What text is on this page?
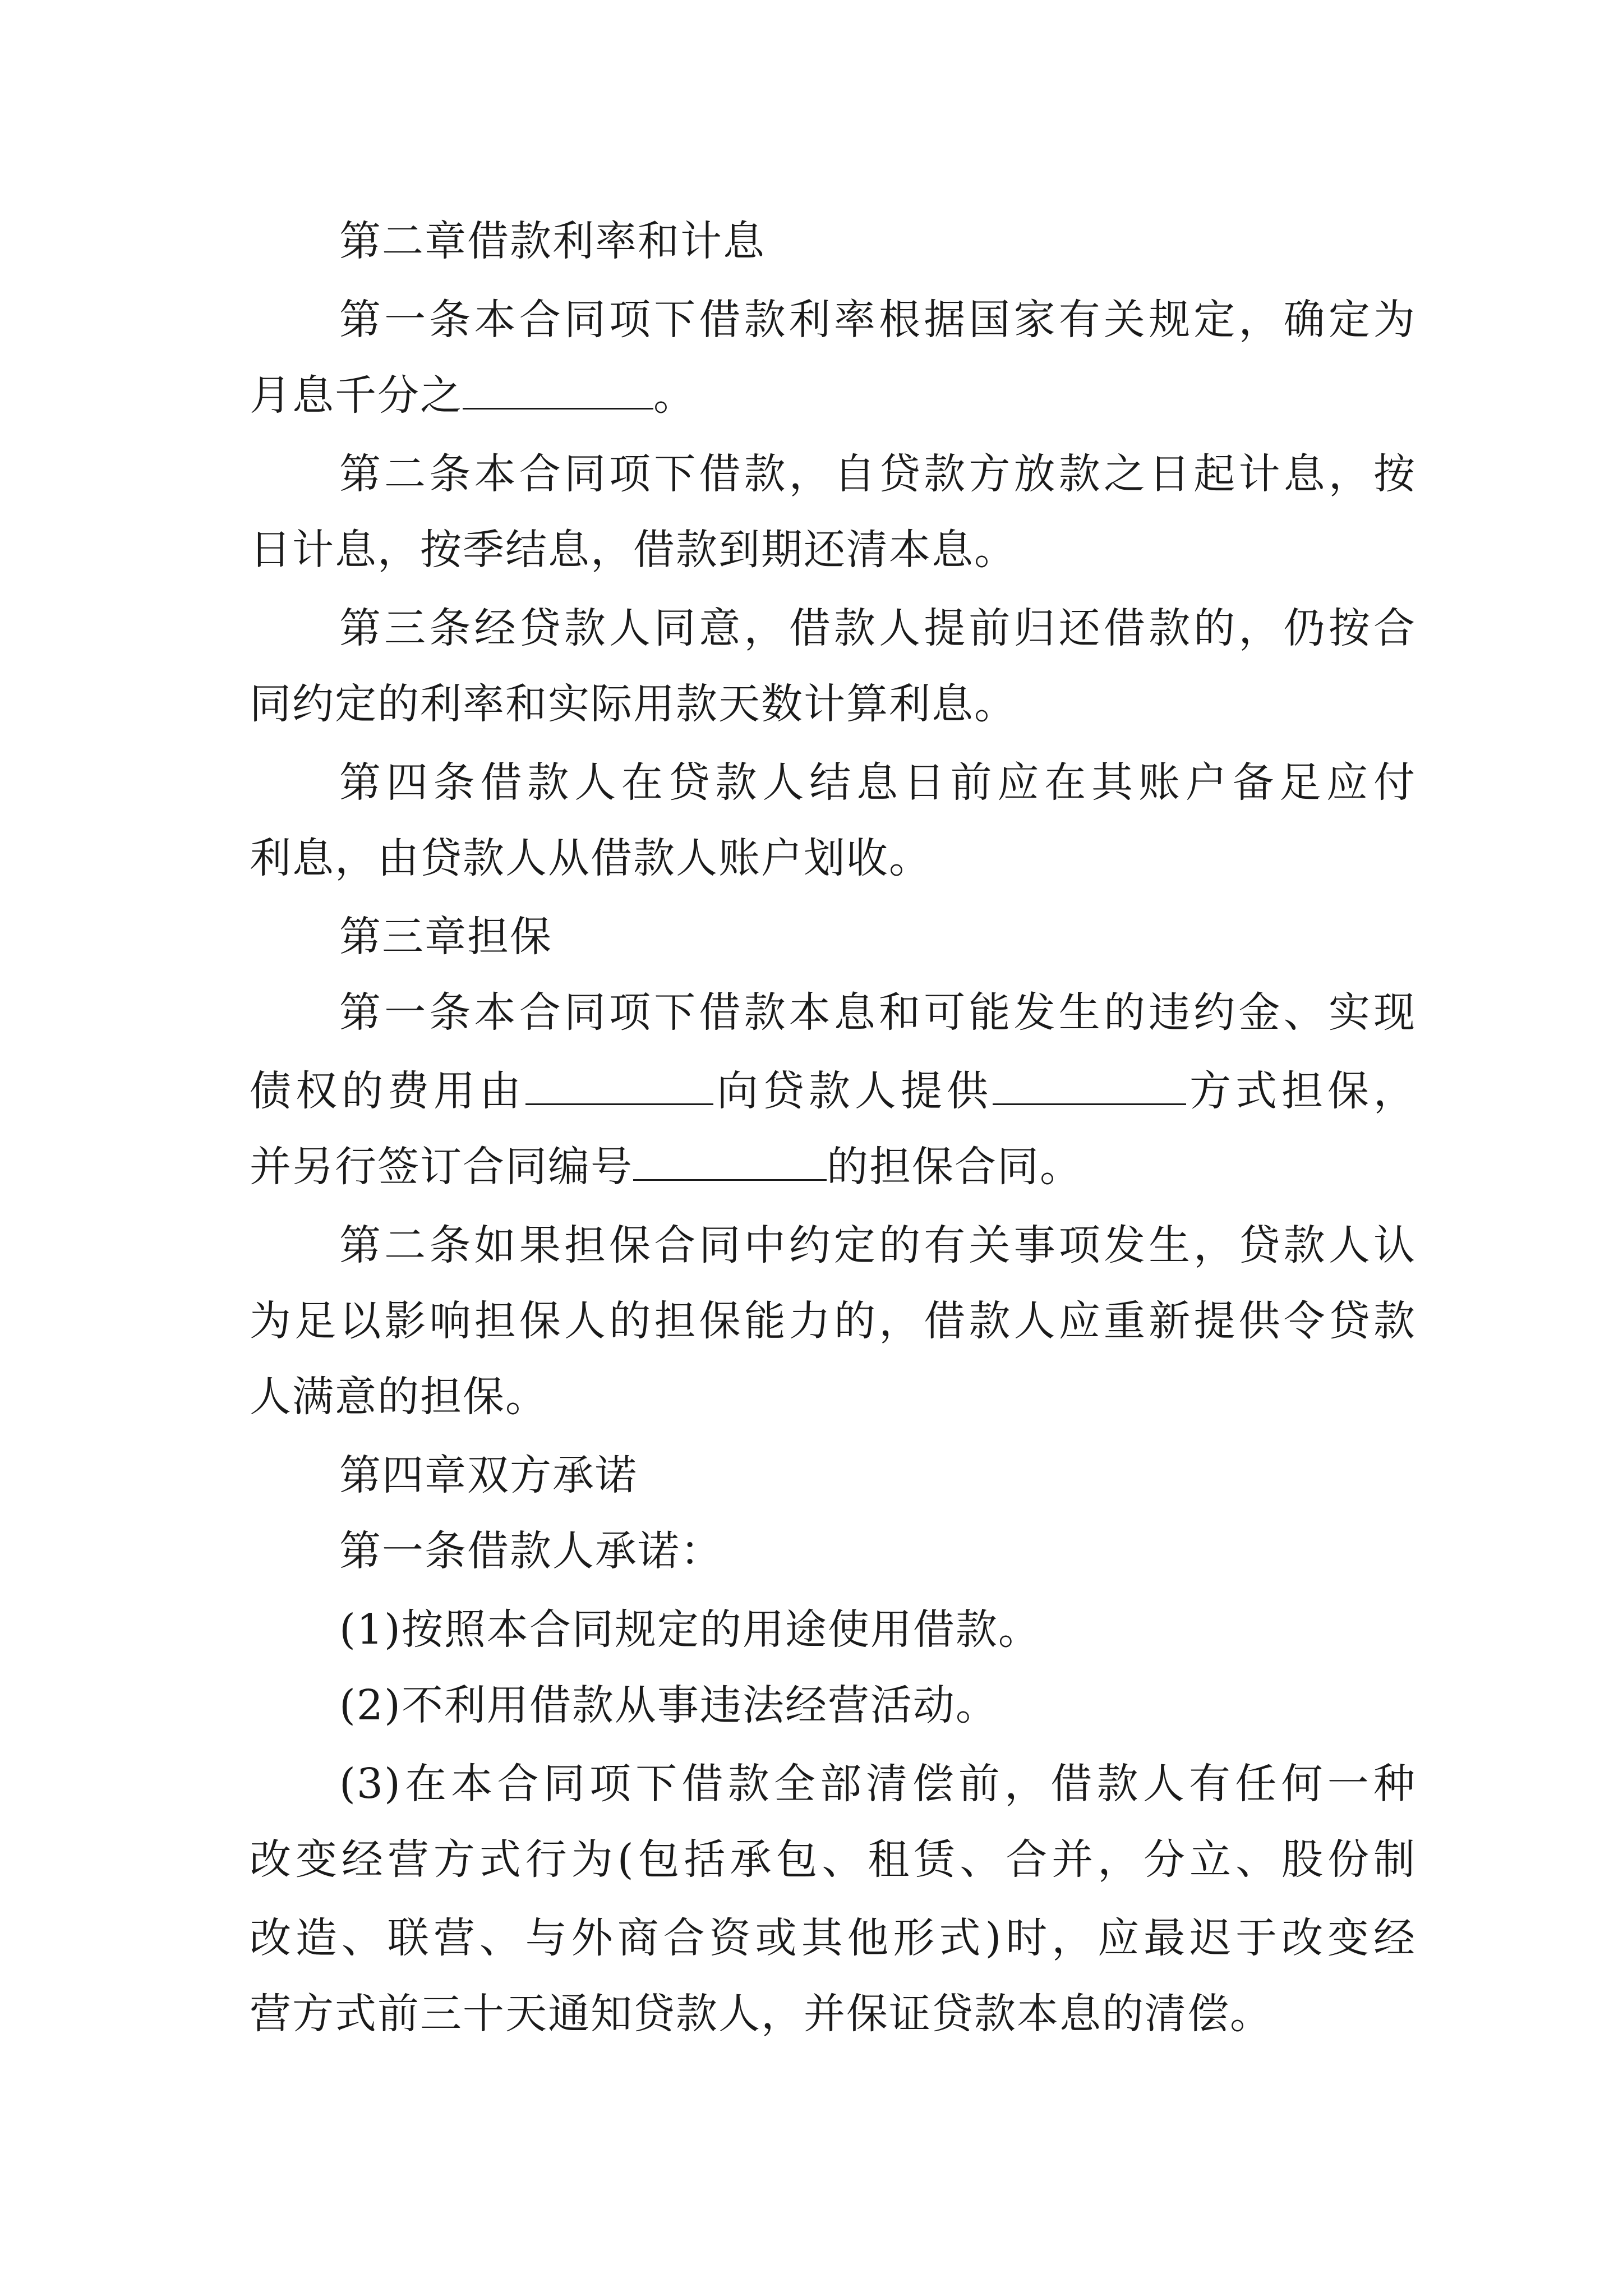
第二章借款利率和计息
第一条本合同项下借款利率根据国家有关规定，确定为
月息千分之	。
第二条本合同项下借款，自贷款方放款之日起计息，按
日计息，按季结息，借款到期还清本息。
第三条经贷款人同意，借款人提前归还借款的，仍按合
同约定的利率和实际用款天数计算利息。
第四条借款人在贷款人结息日前应在其账户备足应付
利息，由贷款人从借款人账户划收。
第三章担保
第一条本合同项下借款本息和可能发生的违约金、实现
债权的费用由	向贷款人提供	方式担保，
并另行签订合同编号	的担保合同。
第二条如果担保合同中约定的有关事项发生，贷款人认
为足以影响担保人的担保能力的，借款人应重新提供令贷款
人满意的担保。
第四章双方承诺
第一条借款人承诺：
(1)按照本合同规定的用途使用借款。
(2)不利用借款从事违法经营活动。
(3)在本合同项下借款全部清偿前，借款人有任何一种
改变经营方式行为(包括承包、租赁、合并，分立、股份制
改造、联营、与外商合资或其他形式)时，应最迟于改变经
营方式前三十天通知贷款人，并保证贷款本息的清偿。
